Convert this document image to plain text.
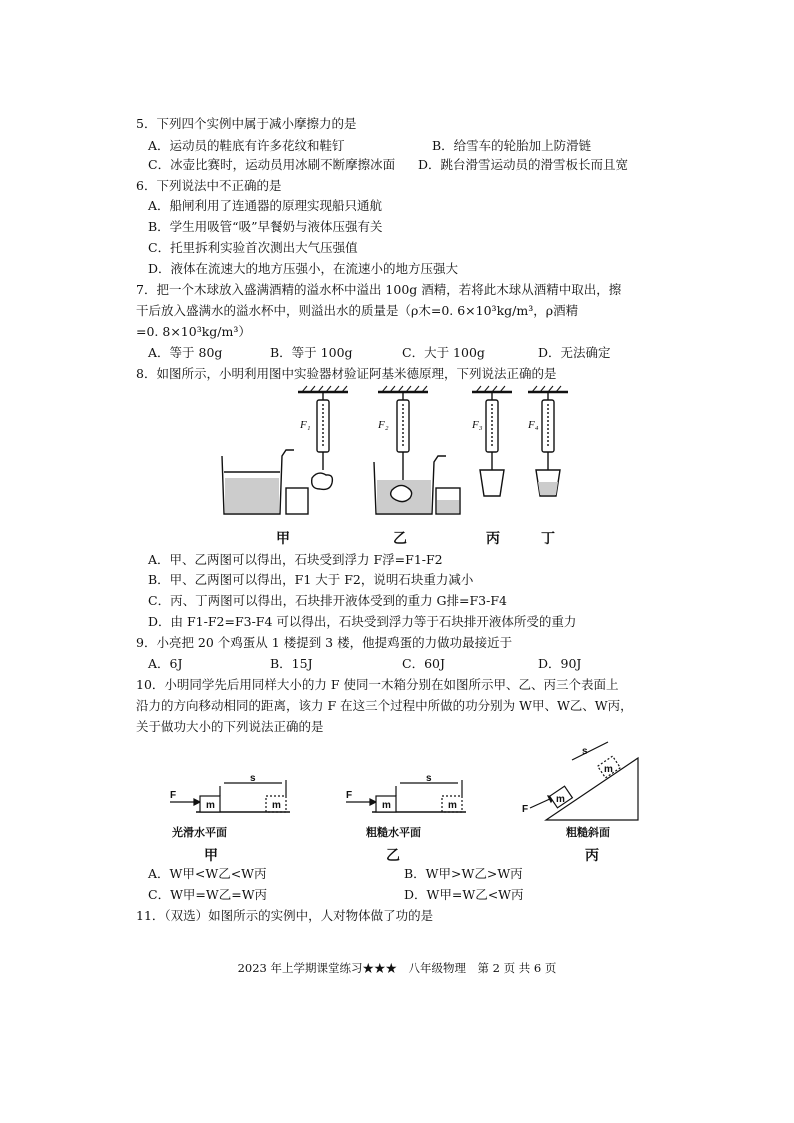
5．下列四个实例中属于减小摩擦力的是
A．运动员的鞋底有许多花纹和鞋钉	B．给雪车的轮胎加上防滑链
C．冰壶比赛时，运动员用冰刷不断摩擦冰面 D．跳台滑雪运动员的滑雪板长而且宽
6．下列说法中不正确的是
A．船闸利用了连通器的原理实现船只通航
B．学生用吸管“吸”早餐奶与液体压强有关
C．托里拆利实验首次测出大气压强值
D．液体在流速大的地方压强小，在流速小的地方压强大
7．把一个木球放入盛满酒精的溢水杯中溢出 100g 酒精，若将此木球从酒精中取出，擦
干后放入盛满水的溢水杯中，则溢出水的质量是（ρ木=0. 6×10³kg/m³，ρ酒精
=0. 8×10³kg/m³）
A．等于 80g	B．等于 100g	C．大于 100g	D．无法确定
8．如图所示，小明利用图中实验器材验证阿基米德原理，下列说法正确的是
F₁	F₂	F₃	F₄
甲	乙	丙	丁
A．甲、乙两图可以得出，石块受到浮力 F浮=F1-F2
B．甲、乙两图可以得出，F1 大于 F2，说明石块重力减小
C．丙、丁两图可以得出，石块排开液体受到的重力 G排=F3-F4
D．由 F1-F2=F3-F4 可以得出，石块受到浮力等于石块排开液体所受的重力
9．小亮把 20 个鸡蛋从 1 楼提到 3 楼，他提鸡蛋的力做功最接近于
A．6J	B．15J	C．60J	D．90J
10．小明同学先后用同样大小的力 F 使同一木箱分别在如图所示甲、乙、丙三个表面上
沿力的方向移动相同的距离，该力 F 在这三个过程中所做的功分别为 W甲、W乙、W丙，
关于做功大小的下列说法正确的是
F
m	m
s
F
m	m
s
F
m
m
s
光滑水平面	粗糙水平面	粗糙斜面
甲	乙	丙
A．W甲<W乙<W丙	B．W甲>W乙>W丙
C．W甲=W乙=W丙	D．W甲=W乙<W丙
11．（双选）如图所示的实例中，人对物体做了功的是
2023 年上学期课堂练习★★★　八年级物理　第 2 页 共 6 页
